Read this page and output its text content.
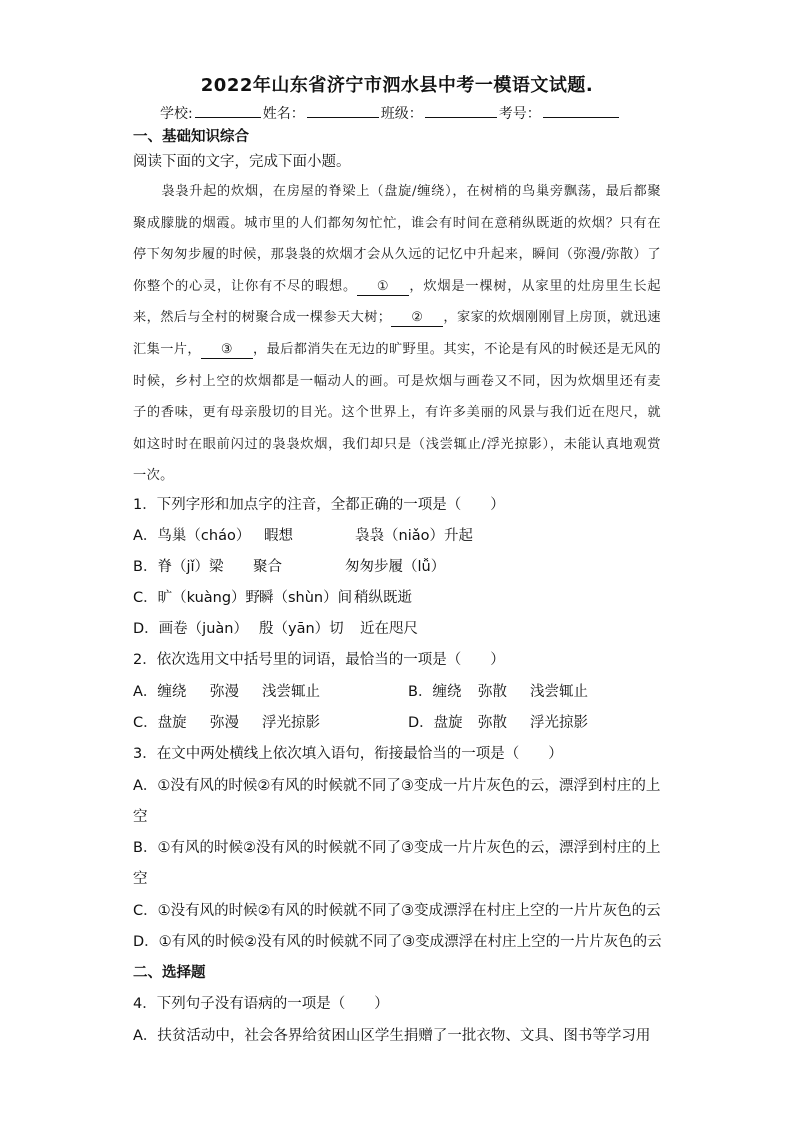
2022年山东省济宁市泗水县中考一模语文试题.
学校:	姓名：	班级：	考号：
一、基础知识综合
阅读下面的文字，完成下面小题。
袅袅升起的炊烟，在房屋的脊梁上（盘旋/缠绕），在树梢的鸟巢旁飘荡，最后都聚聚成朦胧的烟霞。城市里的人们都匆匆忙忙，谁会有时间在意稍纵既逝的炊烟？只有在停下匆匆步履的时候，那袅袅的炊烟才会从久远的记忆中升起来，瞬间（弥漫/弥散）了你整个的心灵，让你有不尽的暇想。 ① ，炊烟是一棵树，从家里的灶房里生长起来，然后与全村的树聚合成一棵参天大树； ② ，家家的炊烟刚刚冒上房顶，就迅速汇集一片， ③ ，最后都消失在无边的旷野里。其实，不论是有风的时候还是无风的时候，乡村上空的炊烟都是一幅动人的画。可是炊烟与画卷又不同，因为炊烟里还有麦子的香味，更有母亲殷切的目光。这个世界上，有许多美丽的风景与我们近在咫尺，就如这时时在眼前闪过的袅袅炊烟，我们却只是（浅尝辄止/浮光掠影），未能认真地观赏一次。
1．下列字形和加点字的注音，全都正确的一项是（　　）
A．鸟巢（cháo） 暇想	袅袅（niǎo）升起
B．脊（jǐ）梁 聚合	匆匆步履（lǚ）
C．旷（kuàng）野瞬（shùn）间 稍纵既逝
D．画卷（juàn） 殷（yān）切 近在咫尺
2．依次选用文中括号里的词语，最恰当的一项是（　　）
A．缠绕 弥漫 浅尝辄止	B．缠绕 弥散 浅尝辄止
C．盘旋 弥漫 浮光掠影	D．盘旋 弥散 浮光掠影
3．在文中两处横线上依次填入语句，衔接最恰当的一项是（　　）
A．①没有风的时候②有风的时候就不同了③变成一片片灰色的云，漂浮到村庄的上
空
B．①有风的时候②没有风的时候就不同了③变成一片片灰色的云，漂浮到村庄的上
空
C．①没有风的时候②有风的时候就不同了③变成漂浮在村庄上空的一片片灰色的云
D．①有风的时候②没有风的时候就不同了③变成漂浮在村庄上空的一片片灰色的云
二、选择题
4．下列句子没有语病的一项是（　　）
A．扶贫活动中，社会各界给贫困山区学生捐赠了一批衣物、文具、图书等学习用
